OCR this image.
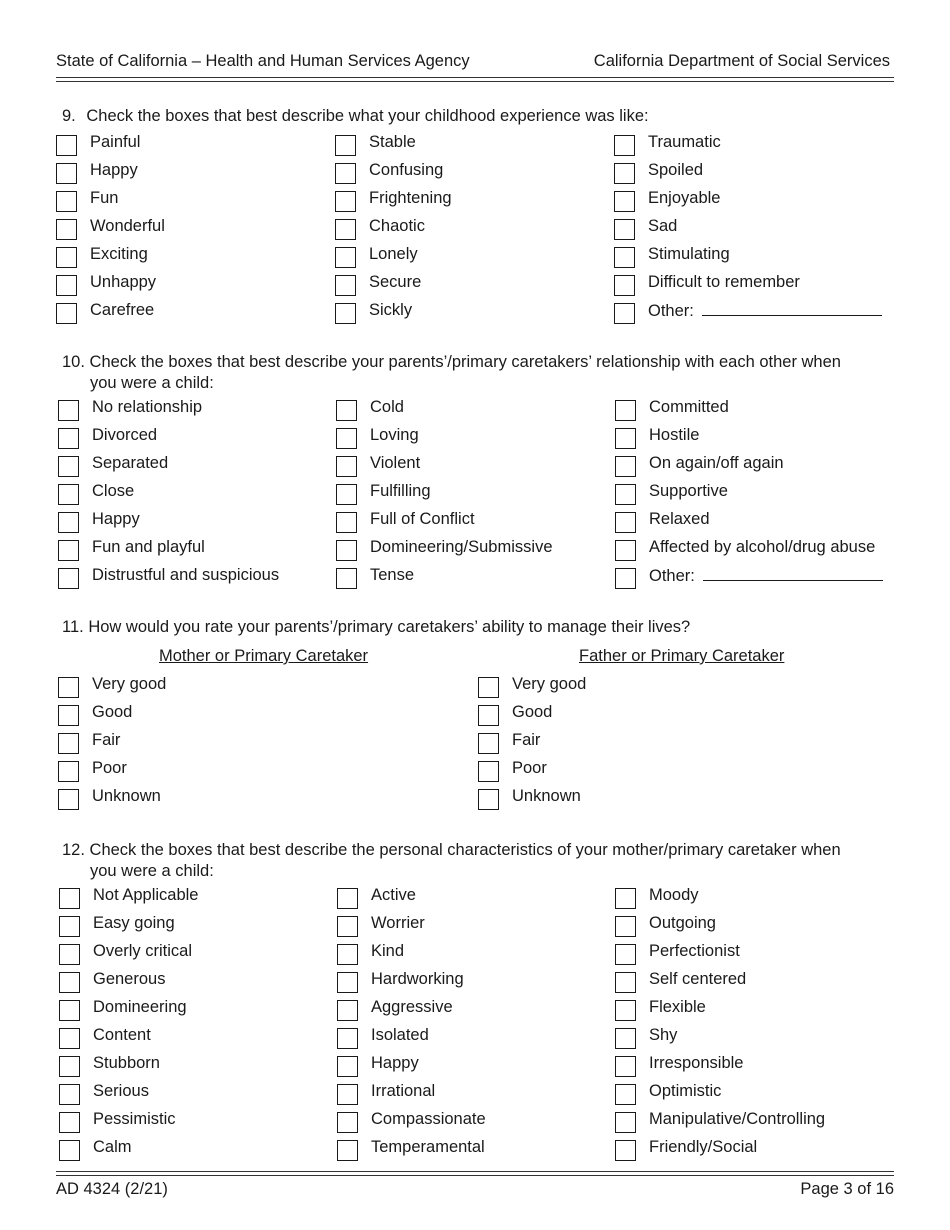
State of California – Health and Human Services Agency	California Department of Social Services
9. Check the boxes that best describe what your childhood experience was like:
Painful
Happy
Fun
Wonderful
Exciting
Unhappy
Carefree
Stable
Confusing
Frightening
Chaotic
Lonely
Secure
Sickly
Traumatic
Spoiled
Enjoyable
Sad
Stimulating
Difficult to remember
Other:
10. Check the boxes that best describe your parents’/primary caretakers’ relationship with each other when
you were a child:
No relationship
Divorced
Separated
Close
Happy
Fun and playful
Distrustful and suspicious
Cold
Loving
Violent
Fulfilling
Full of Conflict
Domineering/Submissive
Tense
Committed
Hostile
On again/off again
Supportive
Relaxed
Affected by alcohol/drug abuse
Other:
11. How would you rate your parents’/primary caretakers’ ability to manage their lives?
Mother or Primary Caretaker	Father or Primary Caretaker
Very good
Good
Fair
Poor
Unknown
Very good
Good
Fair
Poor
Unknown
12. Check the boxes that best describe the personal characteristics of your mother/primary caretaker when
you were a child:
Not Applicable
Easy going
Overly critical
Generous
Domineering
Content
Stubborn
Serious
Pessimistic
Calm
Active
Worrier
Kind
Hardworking
Aggressive
Isolated
Happy
Irrational
Compassionate
Temperamental
Moody
Outgoing
Perfectionist
Self centered
Flexible
Shy
Irresponsible
Optimistic
Manipulative/Controlling
Friendly/Social
AD 4324 (2/21)	Page 3 of 16
